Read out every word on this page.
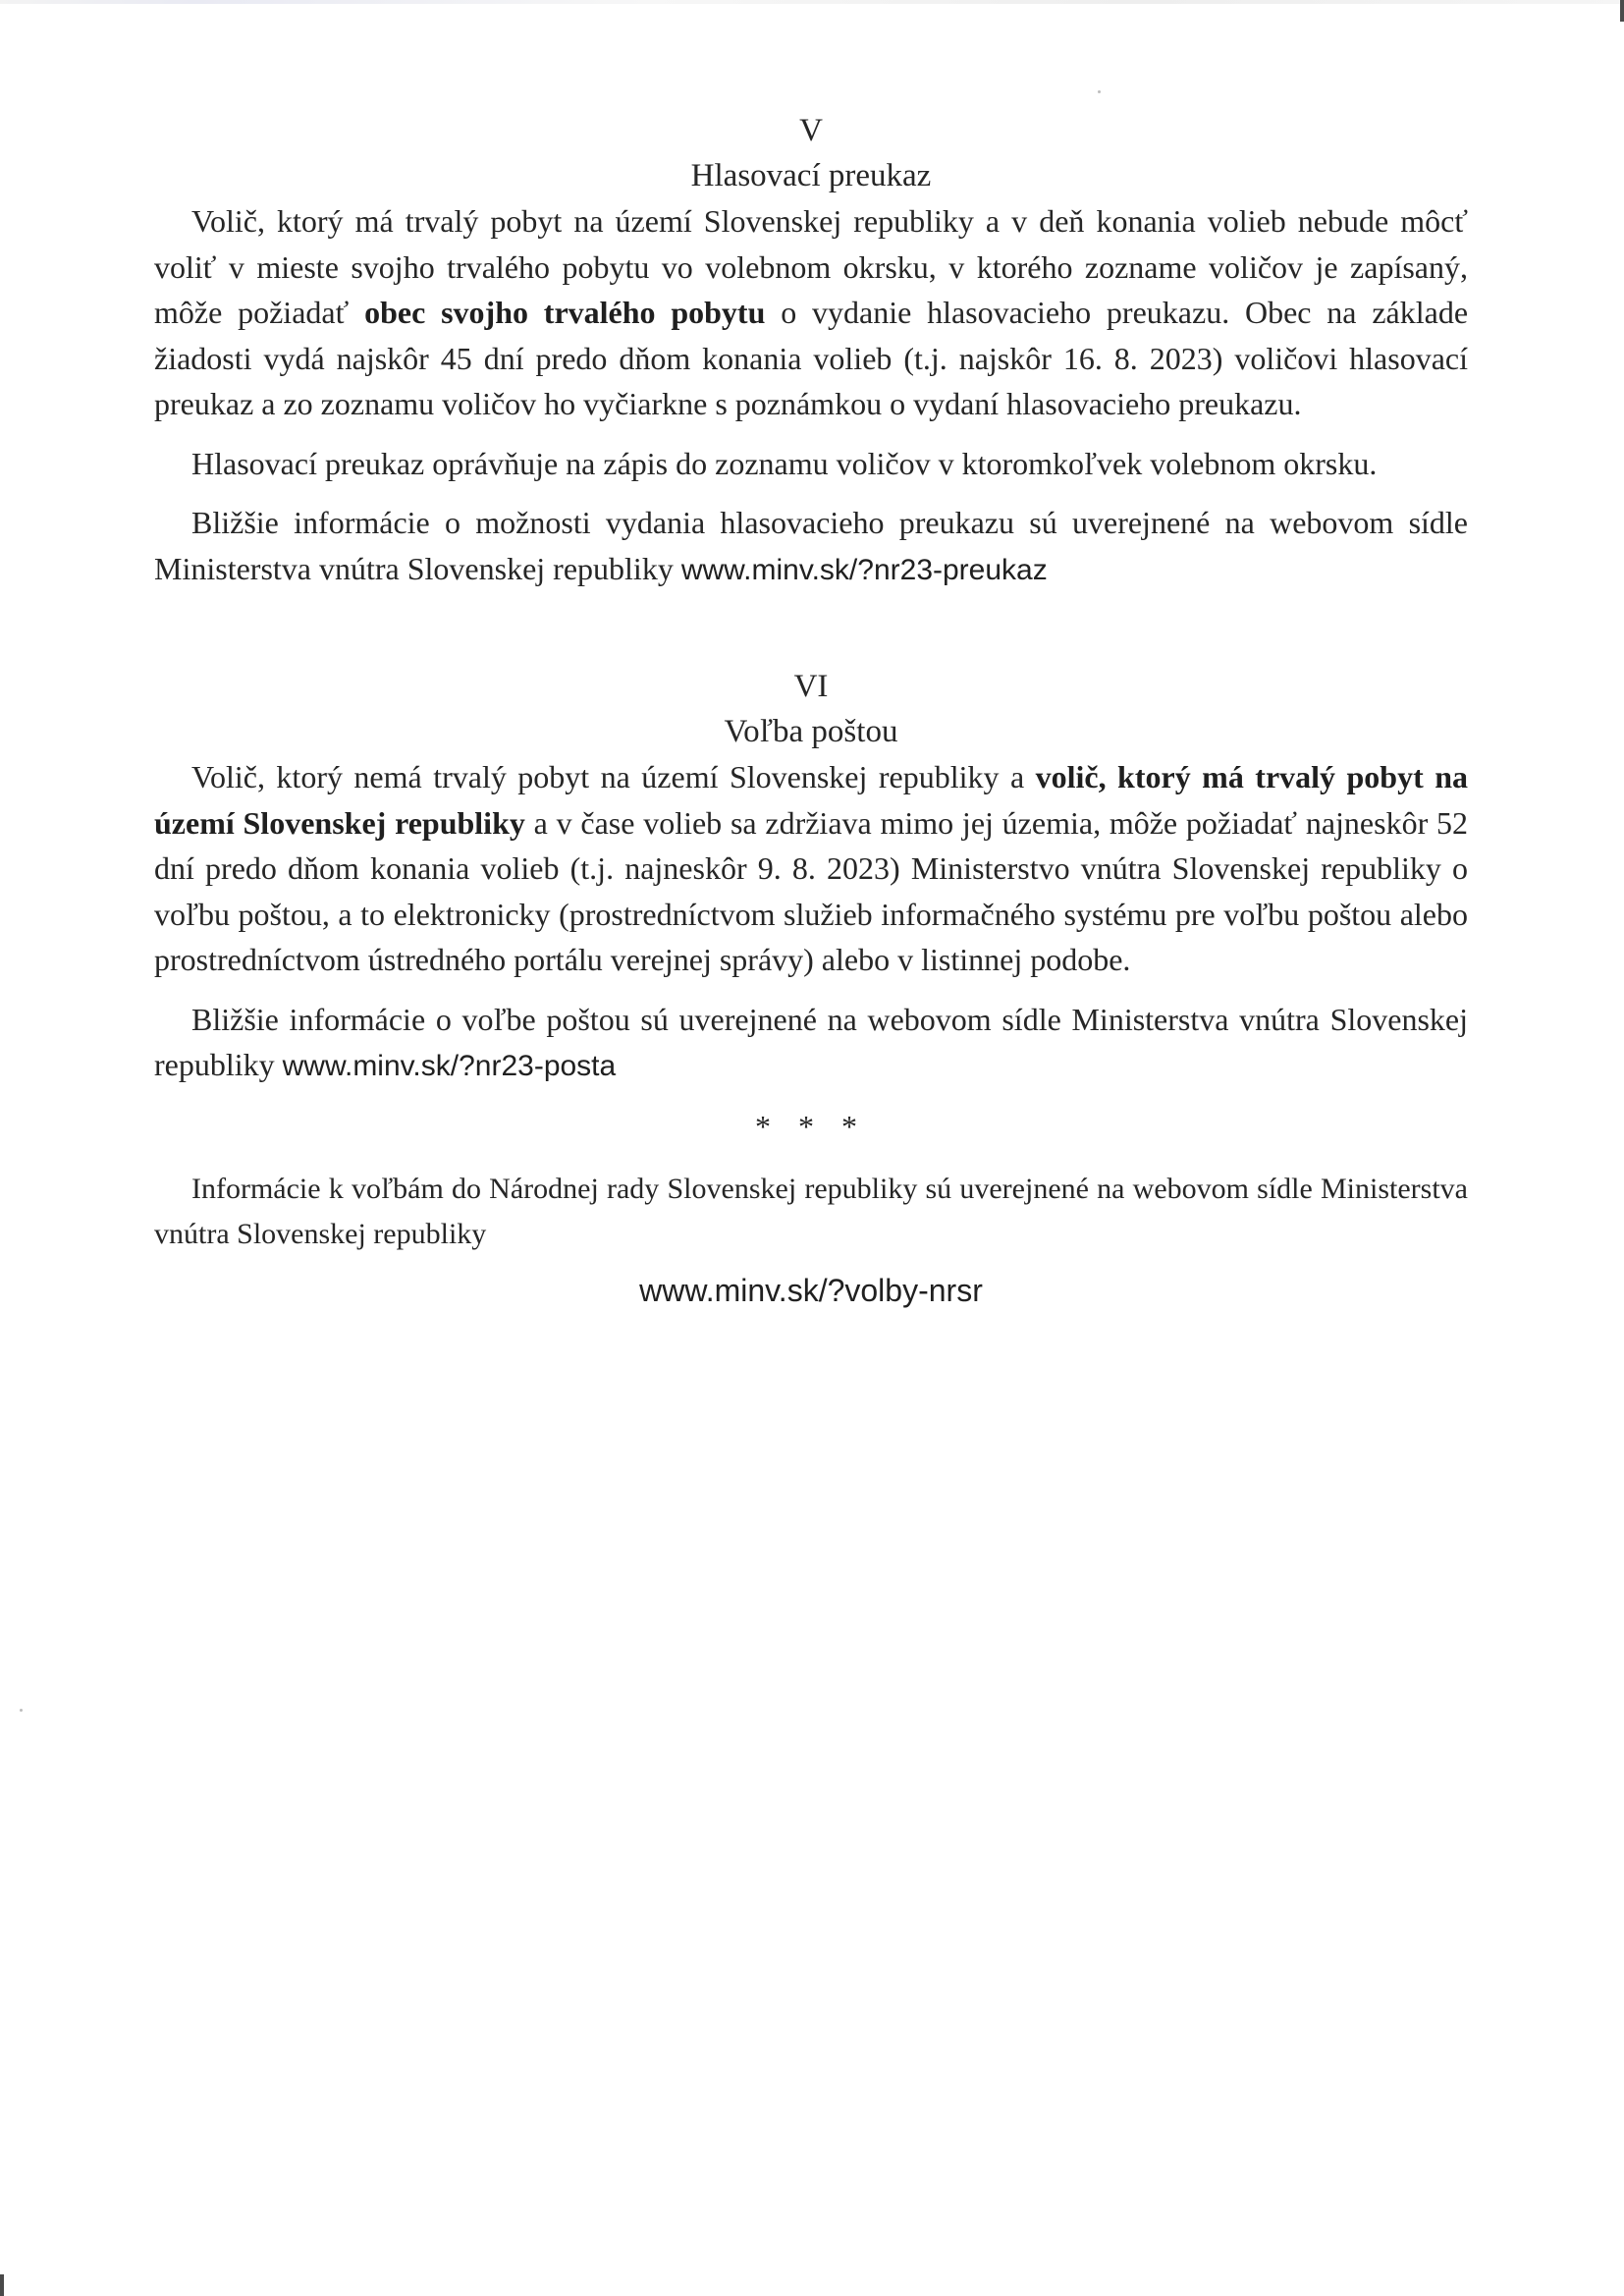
V
Hlasovací preukaz

Volič, ktorý má trvalý pobyt na území Slovenskej republiky a v deň konania volieb nebude môcť voliť v mieste svojho trvalého pobytu vo volebnom okrsku, v ktorého zozname voličov je zapísaný, môže požiadať obec svojho trvalého pobytu o vydanie hlasovacieho preukazu. Obec na základe žiadosti vydá najskôr 45 dní predo dňom konania volieb (t.j. najskôr 16. 8. 2023) voličovi hlasovací preukaz a zo zoznamu voličov ho vyčiarkne s poznámkou o vydaní hlasovacieho preukazu.

Hlasovací preukaz oprávňuje na zápis do zoznamu voličov v ktoromkoľvek volebnom okrsku.

Bližšie informácie o možnosti vydania hlasovacieho preukazu sú uverejnené na webovom sídle Ministerstva vnútra Slovenskej republiky www.minv.sk/?nr23-preukaz

VI
Voľba poštou

Volič, ktorý nemá trvalý pobyt na území Slovenskej republiky a volič, ktorý má trvalý pobyt na území Slovenskej republiky a v čase volieb sa zdržiava mimo jej územia, môže požiadať najneskôr 52 dní predo dňom konania volieb (t.j. najneskôr 9. 8. 2023) Ministerstvo vnútra Slovenskej republiky o voľbu poštou, a to elektronicky (prostredníctvom služieb informačného systému pre voľbu poštou alebo prostredníctvom ústredného portálu verejnej správy) alebo v listinnej podobe.

Bližšie informácie o voľbe poštou sú uverejnené na webovom sídle Ministerstva vnútra Slovenskej republiky www.minv.sk/?nr23-posta

* * *

Informácie k voľbám do Národnej rady Slovenskej republiky sú uverejnené na webovom sídle Ministerstva vnútra Slovenskej republiky

www.minv.sk/?volby-nrsr
